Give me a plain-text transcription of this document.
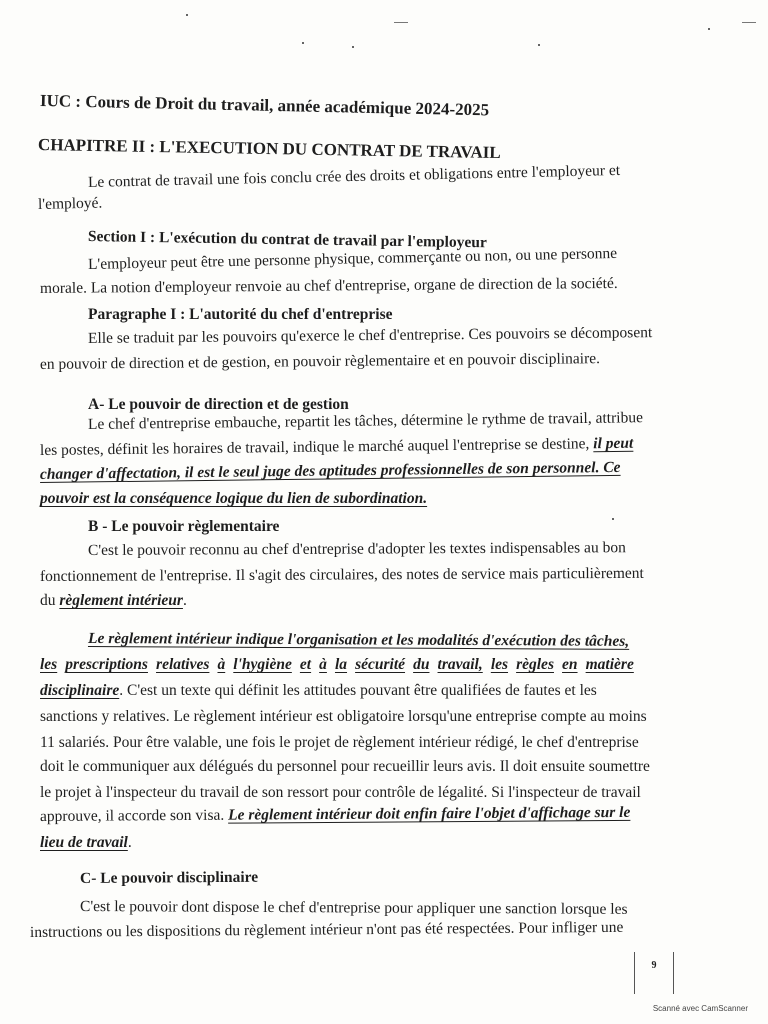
IUC : Cours de Droit du travail, année académique 2024-2025
CHAPITRE II : L'EXECUTION DU CONTRAT DE TRAVAIL
Le contrat de travail une fois conclu crée des droits et obligations entre l'employeur et
l'employé.
Section I : L'exécution du contrat de travail par l'employeur
L'employeur peut être une personne physique, commerçante ou non, ou une personne
morale. La notion d'employeur renvoie au chef d'entreprise, organe de direction de la société.
Paragraphe I : L'autorité du chef d'entreprise
Elle se traduit par les pouvoirs qu'exerce le chef d'entreprise. Ces pouvoirs se décomposent
en pouvoir de direction et de gestion, en pouvoir règlementaire et en pouvoir disciplinaire.
A- Le pouvoir de direction et de gestion
Le chef d'entreprise embauche, repartit les tâches, détermine le rythme de travail, attribue
les postes, définit les horaires de travail, indique le marché auquel l'entreprise se destine, il peut
changer d'affectation, il est le seul juge des aptitudes professionnelles de son personnel. Ce
pouvoir est la conséquence logique du lien de subordination.
B - Le pouvoir règlementaire
C'est le pouvoir reconnu au chef d'entreprise d'adopter les textes indispensables au bon
fonctionnement de l'entreprise. Il s'agit des circulaires, des notes de service mais particulièrement
du règlement intérieur.
Le règlement intérieur indique l'organisation et les modalités d'exécution des tâches,
les prescriptions relatives à l'hygiène et à la sécurité du travail, les règles en matière
disciplinaire. C'est un texte qui définit les attitudes pouvant être qualifiées de fautes et les
sanctions y relatives. Le règlement intérieur est obligatoire lorsqu'une entreprise compte au moins
11 salariés. Pour être valable, une fois le projet de règlement intérieur rédigé, le chef d'entreprise
doit le communiquer aux délégués du personnel pour recueillir leurs avis. Il doit ensuite soumettre
le projet à l'inspecteur du travail de son ressort pour contrôle de légalité. Si l'inspecteur de travail
approuve, il accorde son visa. Le règlement intérieur doit enfin faire l'objet d'affichage sur le
lieu de travail.
C- Le pouvoir disciplinaire
C'est le pouvoir dont dispose le chef d'entreprise pour appliquer une sanction lorsque les
instructions ou les dispositions du règlement intérieur n'ont pas été respectées. Pour infliger une
9
Scanné avec CamScanner
